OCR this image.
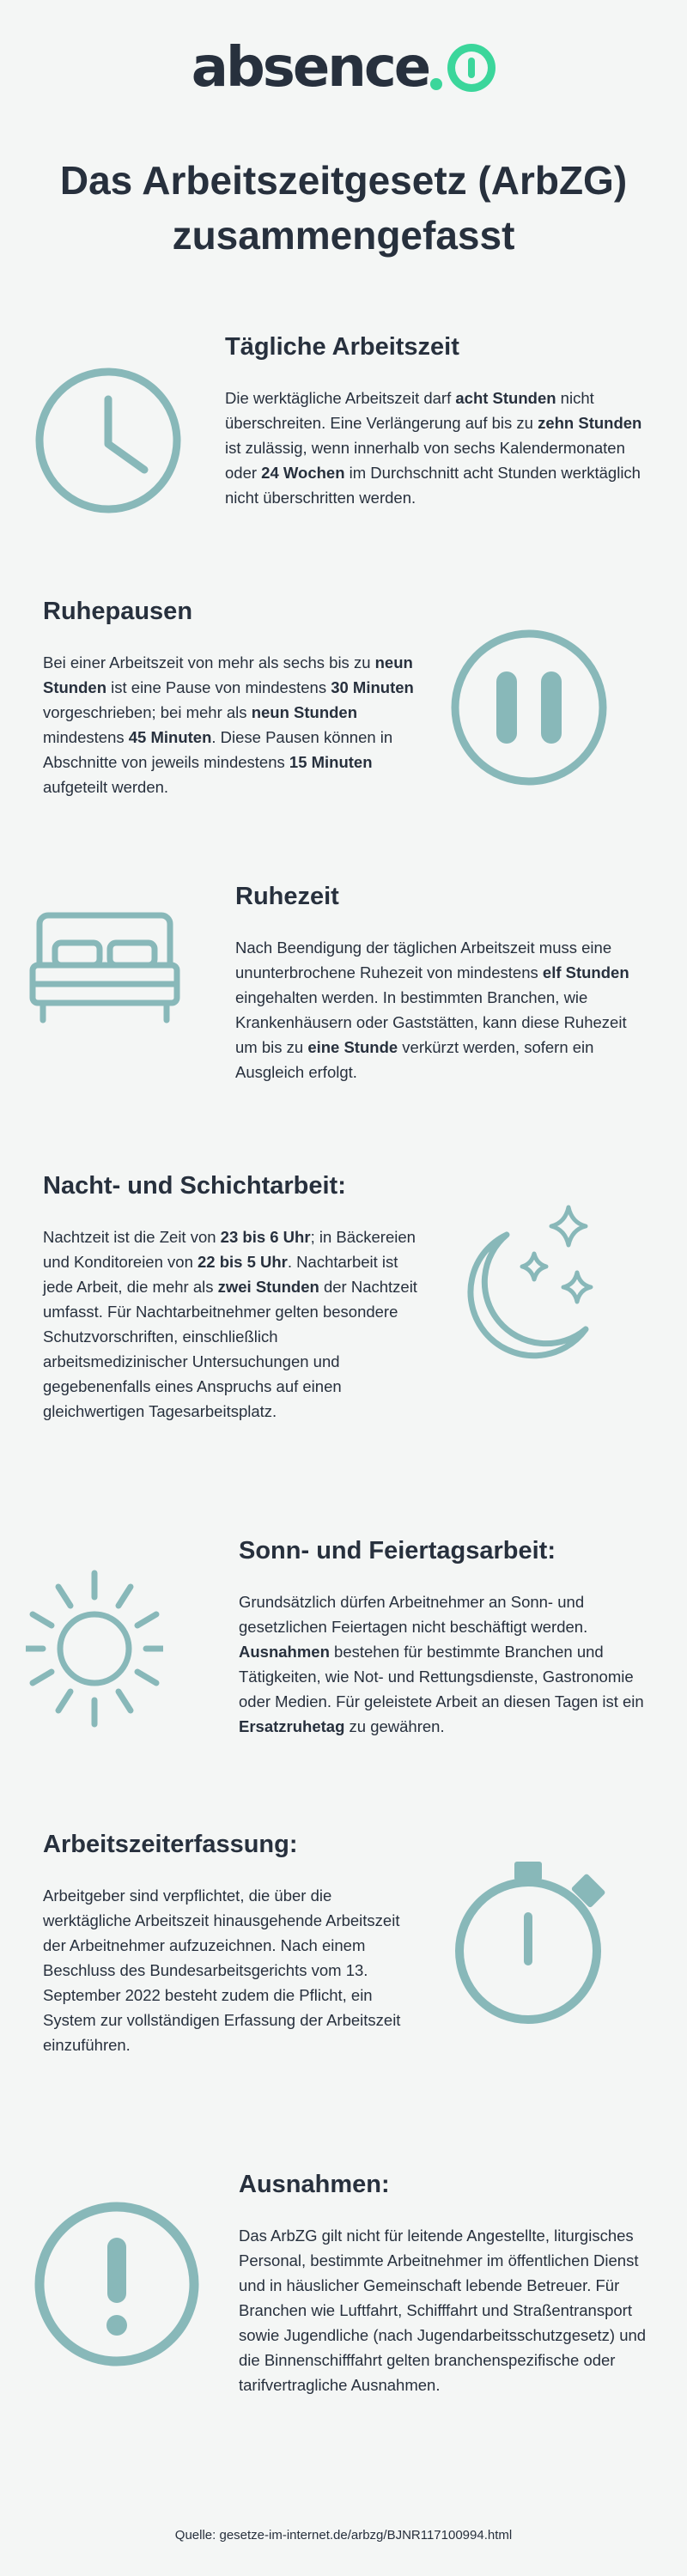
absence
Das Arbeitszeitgesetz (ArbZG)
zusammengefasst
Tägliche Arbeitszeit

Die werktägliche Arbeitszeit darf acht Stunden nicht überschreiten. Eine Verlängerung auf bis zu zehn Stunden ist zulässig, wenn innerhalb von sechs Kalendermonaten oder 24 Wochen im Durchschnitt acht Stunden werktäglich nicht überschritten werden.

Ruhepausen

Bei einer Arbeitszeit von mehr als sechs bis zu neun Stunden ist eine Pause von mindestens 30 Minuten vorgeschrieben; bei mehr als neun Stunden mindestens 45 Minuten. Diese Pausen können in Abschnitte von jeweils mindestens 15 Minuten aufgeteilt werden.

Ruhezeit

Nach Beendigung der täglichen Arbeitszeit muss eine ununterbrochene Ruhezeit von mindestens elf Stunden eingehalten werden. In bestimmten Branchen, wie Krankenhäusern oder Gaststätten, kann diese Ruhezeit um bis zu eine Stunde verkürzt werden, sofern ein Ausgleich erfolgt.

Nacht- und Schichtarbeit:

Nachtzeit ist die Zeit von 23 bis 6 Uhr; in Bäckereien und Konditoreien von 22 bis 5 Uhr. Nachtarbeit ist jede Arbeit, die mehr als zwei Stunden der Nachtzeit umfasst. Für Nachtarbeitnehmer gelten besondere Schutzvorschriften, einschließlich arbeitsmedizinischer Untersuchungen und gegebenenfalls eines Anspruchs auf einen gleichwertigen Tagesarbeitsplatz.

Sonn- und Feiertagsarbeit:

Grundsätzlich dürfen Arbeitnehmer an Sonn- und gesetzlichen Feiertagen nicht beschäftigt werden. Ausnahmen bestehen für bestimmte Branchen und Tätigkeiten, wie Not- und Rettungsdienste, Gastronomie oder Medien. Für geleistete Arbeit an diesen Tagen ist ein Ersatzruhetag zu gewähren.

Arbeitszeiterfassung:

Arbeitgeber sind verpflichtet, die über die werktägliche Arbeitszeit hinausgehende Arbeitszeit der Arbeitnehmer aufzuzeichnen. Nach einem Beschluss des Bundesarbeitsgerichts vom 13. September 2022 besteht zudem die Pflicht, ein System zur vollständigen Erfassung der Arbeitszeit einzuführen.

Ausnahmen:

Das ArbZG gilt nicht für leitende Angestellte, liturgisches Personal, bestimmte Arbeitnehmer im öffentlichen Dienst und in häuslicher Gemeinschaft lebende Betreuer. Für Branchen wie Luftfahrt, Schifffahrt und Straßentransport sowie Jugendliche (nach Jugendarbeitsschutzgesetz) und die Binnenschifffahrt gelten branchenspezifische oder tarifvertragliche Ausnahmen.

Quelle: gesetze-im-internet.de/arbzg/BJNR117100994.html
